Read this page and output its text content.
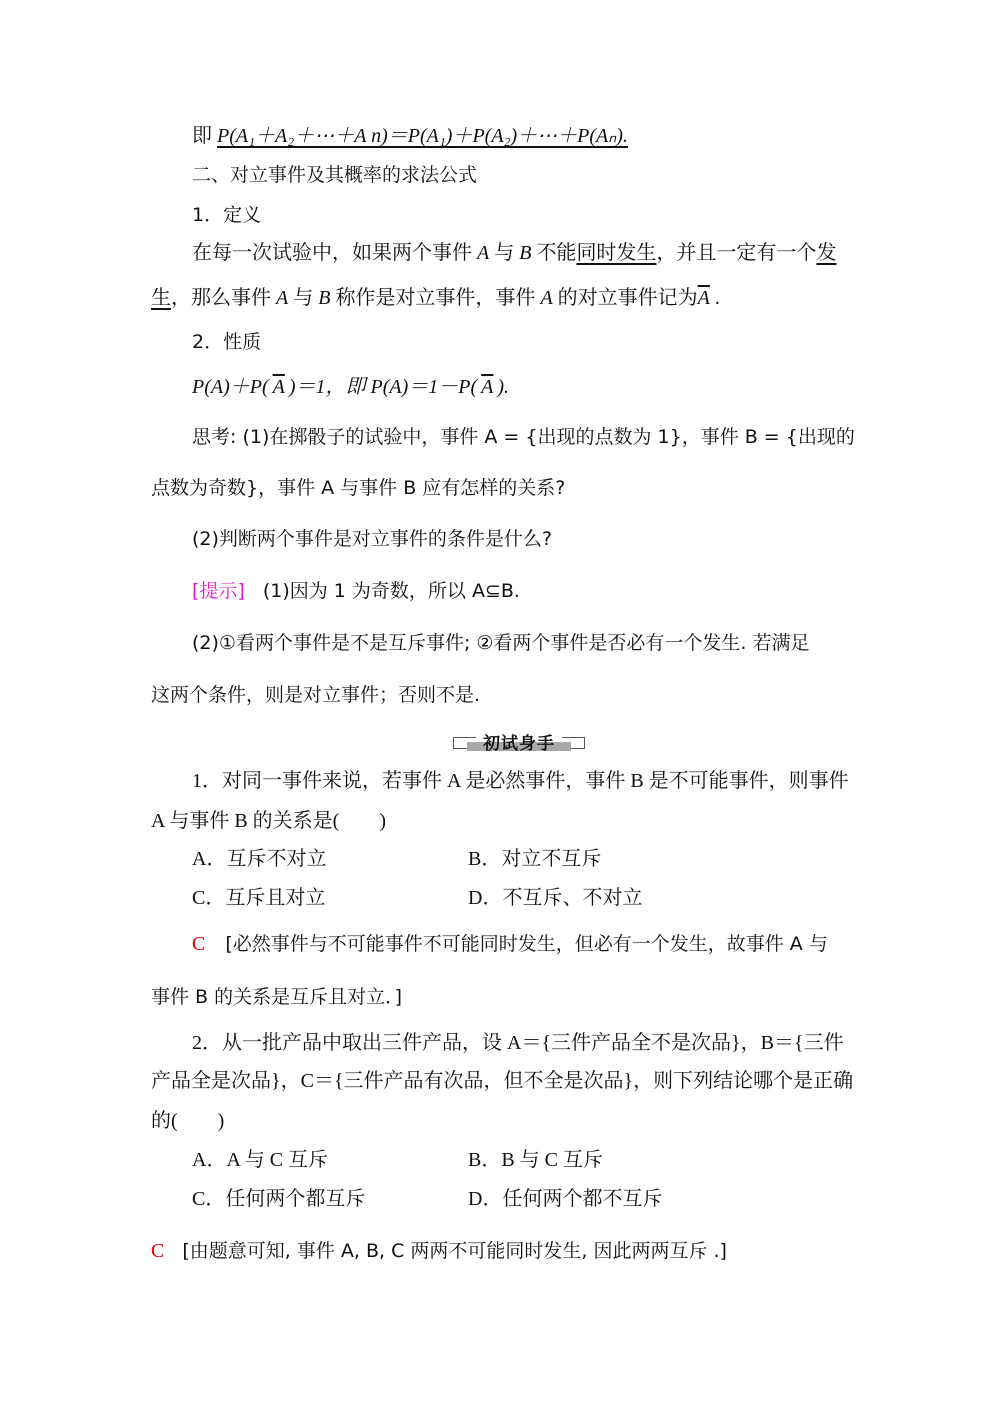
即 P(A₁＋A₂＋⋯＋A n)＝P(A₁)＋P(A₂)＋⋯＋P(Aₙ).
二、对立事件及其概率的求法公式
1．定义
在每一次试验中，如果两个事件 A 与 B 不能同时发生，并且一定有一个发
生，那么事件 A 与 B 称作是对立事件，事件 A 的对立事件记为$\overline{A}$ .
2．性质
P(A)＋P( $\overline{A}$ )＝1，即 P(A)＝1－P( $\overline{A}$ ).
思考: (1)在掷骰子的试验中，事件 A = {出现的点数为 1}，事件 B = {出现的
点数为奇数}，事件 A 与事件 B 应有怎样的关系?
(2)判断两个事件是对立事件的条件是什么?
[提示] (1)因为 1 为奇数，所以 A⊆B.
(2)①看两个事件是不是互斥事件; ②看两个事件是否必有一个发生. 若满足
这两个条件，则是对立事件；否则不是.
初试身手
1．对同一事件来说，若事件 A 是必然事件，事件 B 是不可能事件，则事件
A 与事件 B 的关系是(　　)
A．互斥不对立	B．对立不互斥
C．互斥且对立	D．不互斥、不对立
C [必然事件与不可能事件不可能同时发生，但必有一个发生，故事件 A 与
事件 B 的关系是互斥且对立．]
2．从一批产品中取出三件产品，设 A＝{三件产品全不是次品}，B＝{三件
产品全是次品}，C＝{三件产品有次品，但不全是次品}，则下列结论哪个是正确
的(　　)
A．A 与 C 互斥	B．B 与 C 互斥
C．任何两个都互斥	D．任何两个都不互斥
C [由题意可知, 事件 A, B, C 两两不可能同时发生, 因此两两互斥 .]
